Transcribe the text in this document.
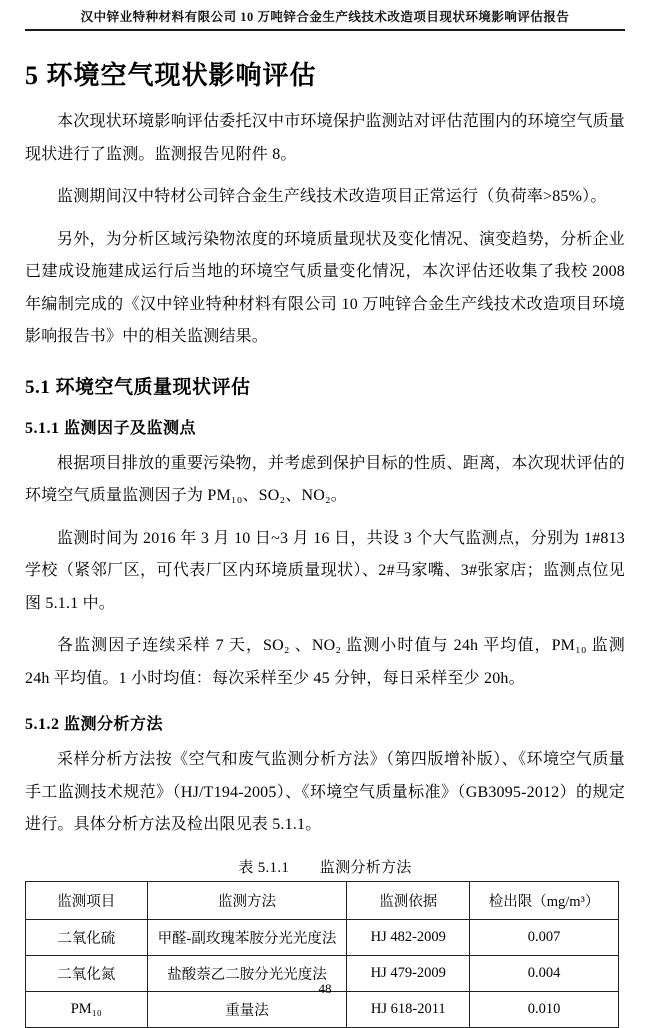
汉中锌业特种材料有限公司 10 万吨锌合金生产线技术改造项目现状环境影响评估报告
5 环境空气现状影响评估

本次现状环境影响评估委托汉中市环境保护监测站对评估范围内的环境空气质量现状进行了监测。监测报告见附件 8。

监测期间汉中特材公司锌合金生产线技术改造项目正常运行（负荷率>85%）。

另外，为分析区域污染物浓度的环境质量现状及变化情况、演变趋势，分析企业已建成设施建成运行后当地的环境空气质量变化情况，本次评估还收集了我校 2008 年编制完成的《汉中锌业特种材料有限公司 10 万吨锌合金生产线技术改造项目环境影响报告书》中的相关监测结果。

5.1 环境空气质量现状评估
5.1.1 监测因子及监测点

根据项目排放的重要污染物，并考虑到保护目标的性质、距离，本次现状评估的环境空气质量监测因子为 PM₁₀、SO₂、NO₂。

监测时间为 2016 年 3 月 10 日~3 月 16 日，共设 3 个大气监测点，分别为 1#813 学校（紧邻厂区，可代表厂区内环境质量现状）、2#马家嘴、3#张家店；监测点位见图 5.1.1 中。

各监测因子连续采样 7 天，SO₂ 、NO₂ 监测小时值与 24h 平均值，PM₁₀ 监测 24h 平均值。1 小时均值：每次采样至少 45 分钟，每日采样至少 20h。

5.1.2 监测分析方法

采样分析方法按《空气和废气监测分析方法》（第四版增补版）、《环境空气质量手工监测技术规范》（HJ/T194-2005）、《环境空气质量标准》（GB3095-2012）的规定进行。具体分析方法及检出限见表 5.1.1。

表 5.1.1　　监测分析方法
监测项目	监测方法	监测依据	检出限（mg/m³）
二氧化硫	甲醛-副玫瑰苯胺分光光度法	HJ 482-2009	0.007
二氧化氮	盐酸萘乙二胺分光光度法	HJ 479-2009	0.004
PM₁₀	重量法	HJ 618-2011	0.010
48
